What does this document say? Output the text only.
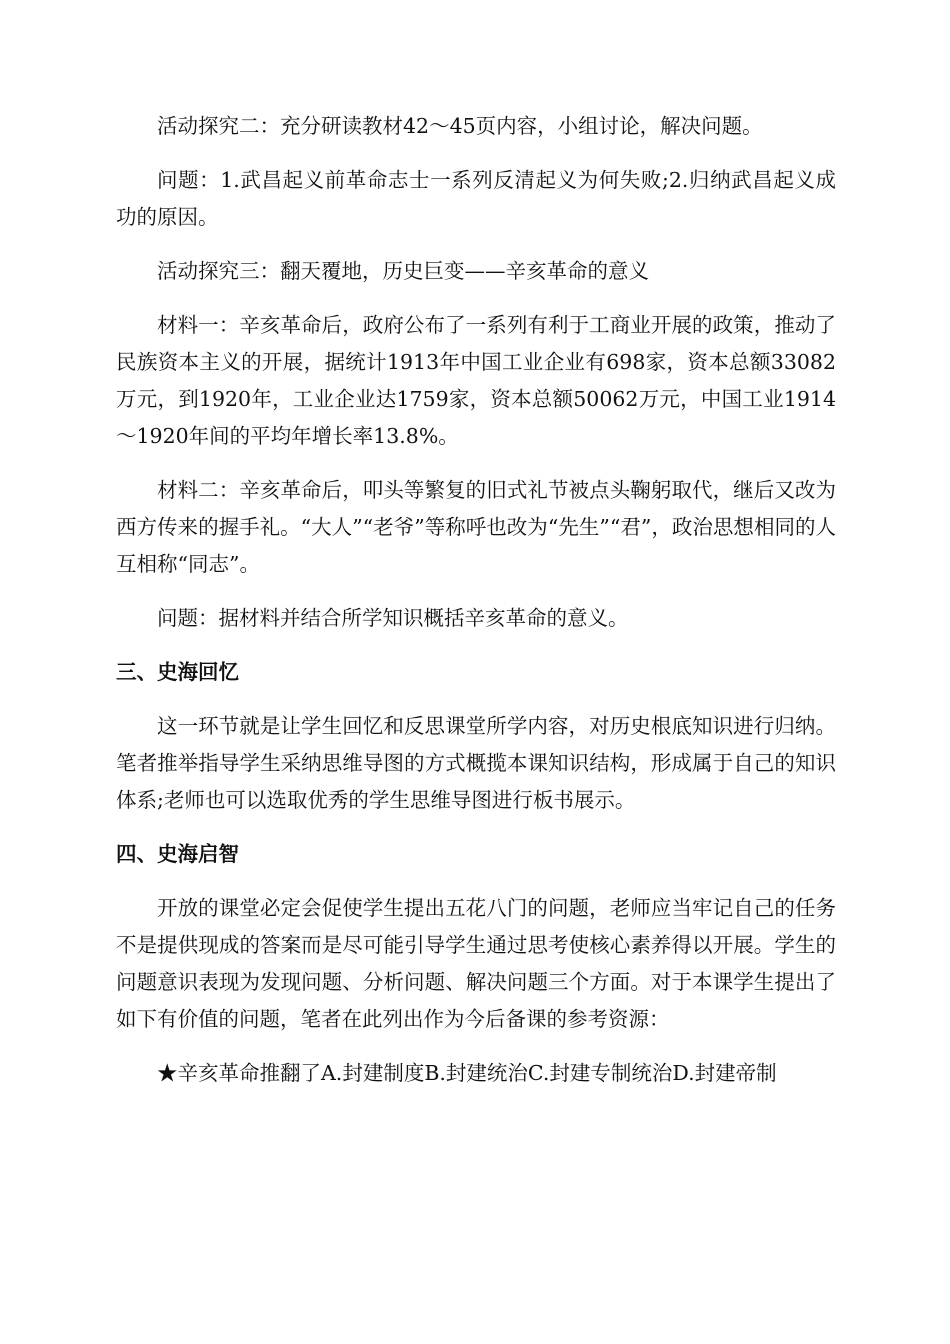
活动探究二：充分研读教材42～45页内容，小组讨论，解决问题。

问题：1.武昌起义前革命志士一系列反清起义为何失败;2.归纳武昌起义成功的原因。

活动探究三：翻天覆地，历史巨变——辛亥革命的意义

材料一：辛亥革命后，政府公布了一系列有利于工商业开展的政策，推动了民族资本主义的开展，据统计1913年中国工业企业有698家，资本总额33082万元，到1920年，工业企业达1759家，资本总额50062万元，中国工业1914～1920年间的平均年增长率13.8%。

材料二：辛亥革命后，叩头等繁复的旧式礼节被点头鞠躬取代，继后又改为西方传来的握手礼。“大人”“老爷”等称呼也改为“先生”“君”，政治思想相同的人互相称“同志”。

问题：据材料并结合所学知识概括辛亥革命的意义。

三、史海回忆

这一环节就是让学生回忆和反思课堂所学内容，对历史根底知识进行归纳。笔者推举指导学生采纳思维导图的方式概揽本课知识结构，形成属于自己的知识体系;老师也可以选取优秀的学生思维导图进行板书展示。

四、史海启智

开放的课堂必定会促使学生提出五花八门的问题，老师应当牢记自己的任务不是提供现成的答案而是尽可能引导学生通过思考使核心素养得以开展。学生的问题意识表现为发现问题、分析问题、解决问题三个方面。对于本课学生提出了如下有价值的问题，笔者在此列出作为今后备课的参考资源：

★辛亥革命推翻了A.封建制度B.封建统治C.封建专制统治D.封建帝制
